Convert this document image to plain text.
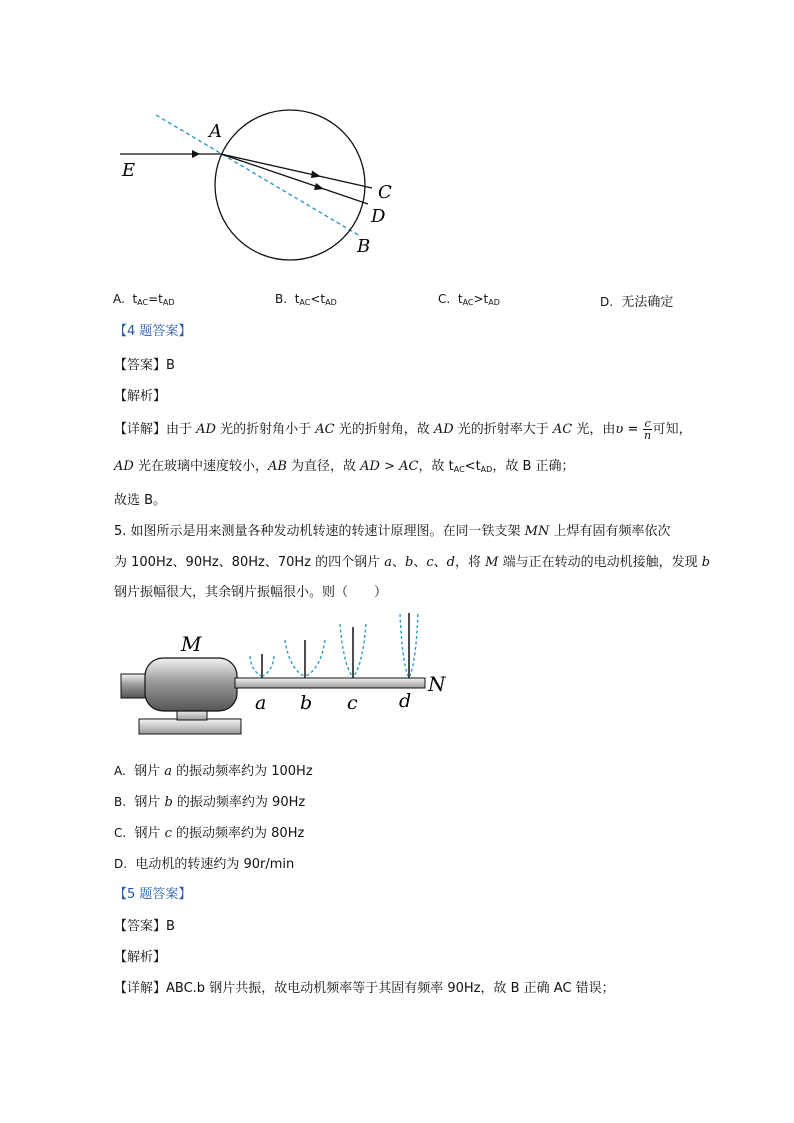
A
E
C
D
B
A. $t_{AC}=t_{AD}$	B. $t_{AC}<t_{AD}$	C. $t_{AC}>t_{AD}$	D. 无法确定
【4 题答案】
【答案】B
【解析】
【详解】由于 AD 光的折射角小于 AC 光的折射角，故 AD 光的折射率大于 AC 光，由$\upsilon = \frac{c}{n}$ 可知，
AD 光在玻璃中速度较小，AB 为直径，故 AD > AC，故 $t_{AC}<t_{AD}$，故 B 正确；
故选 B。
5. 如图所示是用来测量各种发动机转速的转速计原理图。在同一铁支架 MN 上焊有固有频率依次
为 100Hz、90Hz、80Hz、70Hz 的四个钢片 a、b、c、d，将 M 端与正在转动的电动机接触，发现 b
钢片振幅很大，其余钢片振幅很小。则（　　）
M
N
a b c d
A. 钢片 a 的振动频率约为 100Hz
B. 钢片 b 的振动频率约为 90Hz
C. 钢片 c 的振动频率约为 80Hz
D. 电动机的转速约为 90r/min
【5 题答案】
【答案】B
【解析】
【详解】ABC.b 钢片共振，故电动机频率等于其固有频率 90Hz，故 B 正确 AC 错误；
